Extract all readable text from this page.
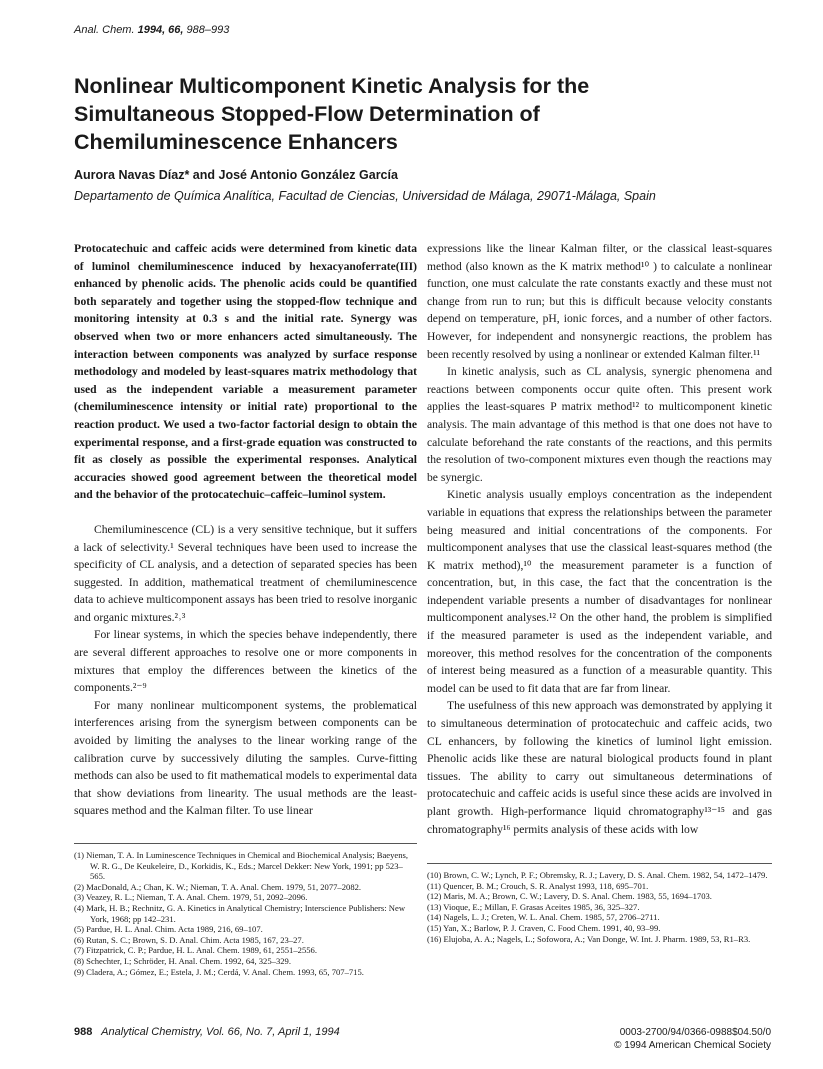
Anal. Chem. 1994, 66, 988–993
Nonlinear Multicomponent Kinetic Analysis for the Simultaneous Stopped-Flow Determination of Chemiluminescence Enhancers
Aurora Navas Díaz* and José Antonio González García
Departamento de Química Analítica, Facultad de Ciencias, Universidad de Málaga, 29071-Málaga, Spain

Protocatechuic and caffeic acids were determined from kinetic data of luminol chemiluminescence induced by hexacyanoferrate(III) enhanced by phenolic acids. The phenolic acids could be quantified both separately and together using the stopped-flow technique and monitoring intensity at 0.3 s and the initial rate. Synergy was observed when two or more enhancers acted simultaneously. The interaction between components was analyzed by surface response methodology and modeled by least-squares matrix methodology that used as the independent variable a measurement parameter (chemiluminescence intensity or initial rate) proportional to the reaction product. We used a two-factor factorial design to obtain the experimental response, and a first-grade equation was constructed to fit as closely as possible the experimental responses. Analytical accuracies showed good agreement between the theoretical model and the behavior of the protocatechuic–caffeic–luminol system.

Chemiluminescence (CL) is a very sensitive technique, but it suffers a lack of selectivity.¹ Several techniques have been used to increase the specificity of CL analysis, and a detection of separated species has been suggested. In addition, mathematical treatment of chemiluminescence data to achieve multicomponent assays has been tried to resolve inorganic and organic mixtures.²˒³

For linear systems, in which the species behave independently, there are several different approaches to resolve one or more components in mixtures that employ the differences between the kinetics of the components.²⁻⁹

For many nonlinear multicomponent systems, the problematical interferences arising from the synergism between components can be avoided by limiting the analyses to the linear working range of the calibration curve by successively diluting the samples. Curve-fitting methods can also be used to fit mathematical models to experimental data that show deviations from linearity. The usual methods are the least-squares method and the Kalman filter. To use linear

expressions like the linear Kalman filter, or the classical least-squares method (also known as the K matrix method¹⁰ ) to calculate a nonlinear function, one must calculate the rate constants exactly and these must not change from run to run; but this is difficult because velocity constants depend on temperature, pH, ionic forces, and a number of other factors. However, for independent and nonsynergic reactions, the problem has been recently resolved by using a nonlinear or extended Kalman filter.¹¹

In kinetic analysis, such as CL analysis, synergic phenomena and reactions between components occur quite often. This present work applies the least-squares P matrix method¹² to multicomponent kinetic analysis. The main advantage of this method is that one does not have to calculate beforehand the rate constants of the reactions, and this permits the resolution of two-component mixtures even though the reactions may be synergic.

Kinetic analysis usually employs concentration as the independent variable in equations that express the relationships between the parameter being measured and initial concentrations of the components. For multicomponent analyses that use the classical least-squares method (the K matrix method),¹⁰ the measurement parameter is a function of concentration, but, in this case, the fact that the concentration is the independent variable presents a number of disadvantages for nonlinear multicomponent analyses.¹² On the other hand, the problem is simplified if the measured parameter is used as the independent variable, and moreover, this method resolves for the concentration of the components of interest being measured as a function of a measurable quantity. This model can be used to fit data that are far from linear.

The usefulness of this new approach was demonstrated by applying it to simultaneous determination of protocatechuic and caffeic acids, two CL enhancers, by following the kinetics of luminol light emission. Phenolic acids like these are natural biological products found in plant tissues. The ability to carry out simultaneous determinations of protocatechuic and caffeic acids is useful since these acids are involved in plant growth. High-performance liquid chromatography¹³⁻¹⁵ and gas chromatography¹⁶ permits analysis of these acids with low

(1) Nieman, T. A. In Luminescence Techniques in Chemical and Biochemical Analysis; Baeyens, W. R. G., De Keukeleire, D., Korkidis, K., Eds.; Marcel Dekker: New York, 1991; pp 523–565.
(2) MacDonald, A.; Chan, K. W.; Nieman, T. A. Anal. Chem. 1979, 51, 2077–2082.
(3) Veazey, R. L.; Nieman, T. A. Anal. Chem. 1979, 51, 2092–2096.
(4) Mark, H. B.; Rechnitz, G. A. Kinetics in Analytical Chemistry; Interscience Publishers: New York, 1968; pp 142–231.
(5) Pardue, H. L. Anal. Chim. Acta 1989, 216, 69–107.
(6) Rutan, S. C.; Brown, S. D. Anal. Chim. Acta 1985, 167, 23–27.
(7) Fitzpatrick, C. P.; Pardue, H. L. Anal. Chem. 1989, 61, 2551–2556.
(8) Schechter, I.; Schröder, H. Anal. Chem. 1992, 64, 325–329.
(9) Cladera, A.; Gómez, E.; Estela, J. M.; Cerdá, V. Anal. Chem. 1993, 65, 707–715.
(10) Brown, C. W.; Lynch, P. F.; Obremsky, R. J.; Lavery, D. S. Anal. Chem. 1982, 54, 1472–1479.
(11) Quencer, B. M.; Crouch, S. R. Analyst 1993, 118, 695–701.
(12) Maris, M. A.; Brown, C. W.; Lavery, D. S. Anal. Chem. 1983, 55, 1694–1703.
(13) Vioque, E.; Millan, F. Grasas Aceites 1985, 36, 325–327.
(14) Nagels, L. J.; Creten, W. L. Anal. Chem. 1985, 57, 2706–2711.
(15) Yan, X.; Barlow, P. J. Craven, C. Food Chem. 1991, 40, 93–99.
(16) Elujoba, A. A.; Nagels, L.; Sofowora, A.; Van Donge, W. Int. J. Pharm. 1989, 53, R1–R3.
988 Analytical Chemistry, Vol. 66, No. 7, April 1, 1994	0003-2700/94/0366-0988$04.50/0
© 1994 American Chemical Society
